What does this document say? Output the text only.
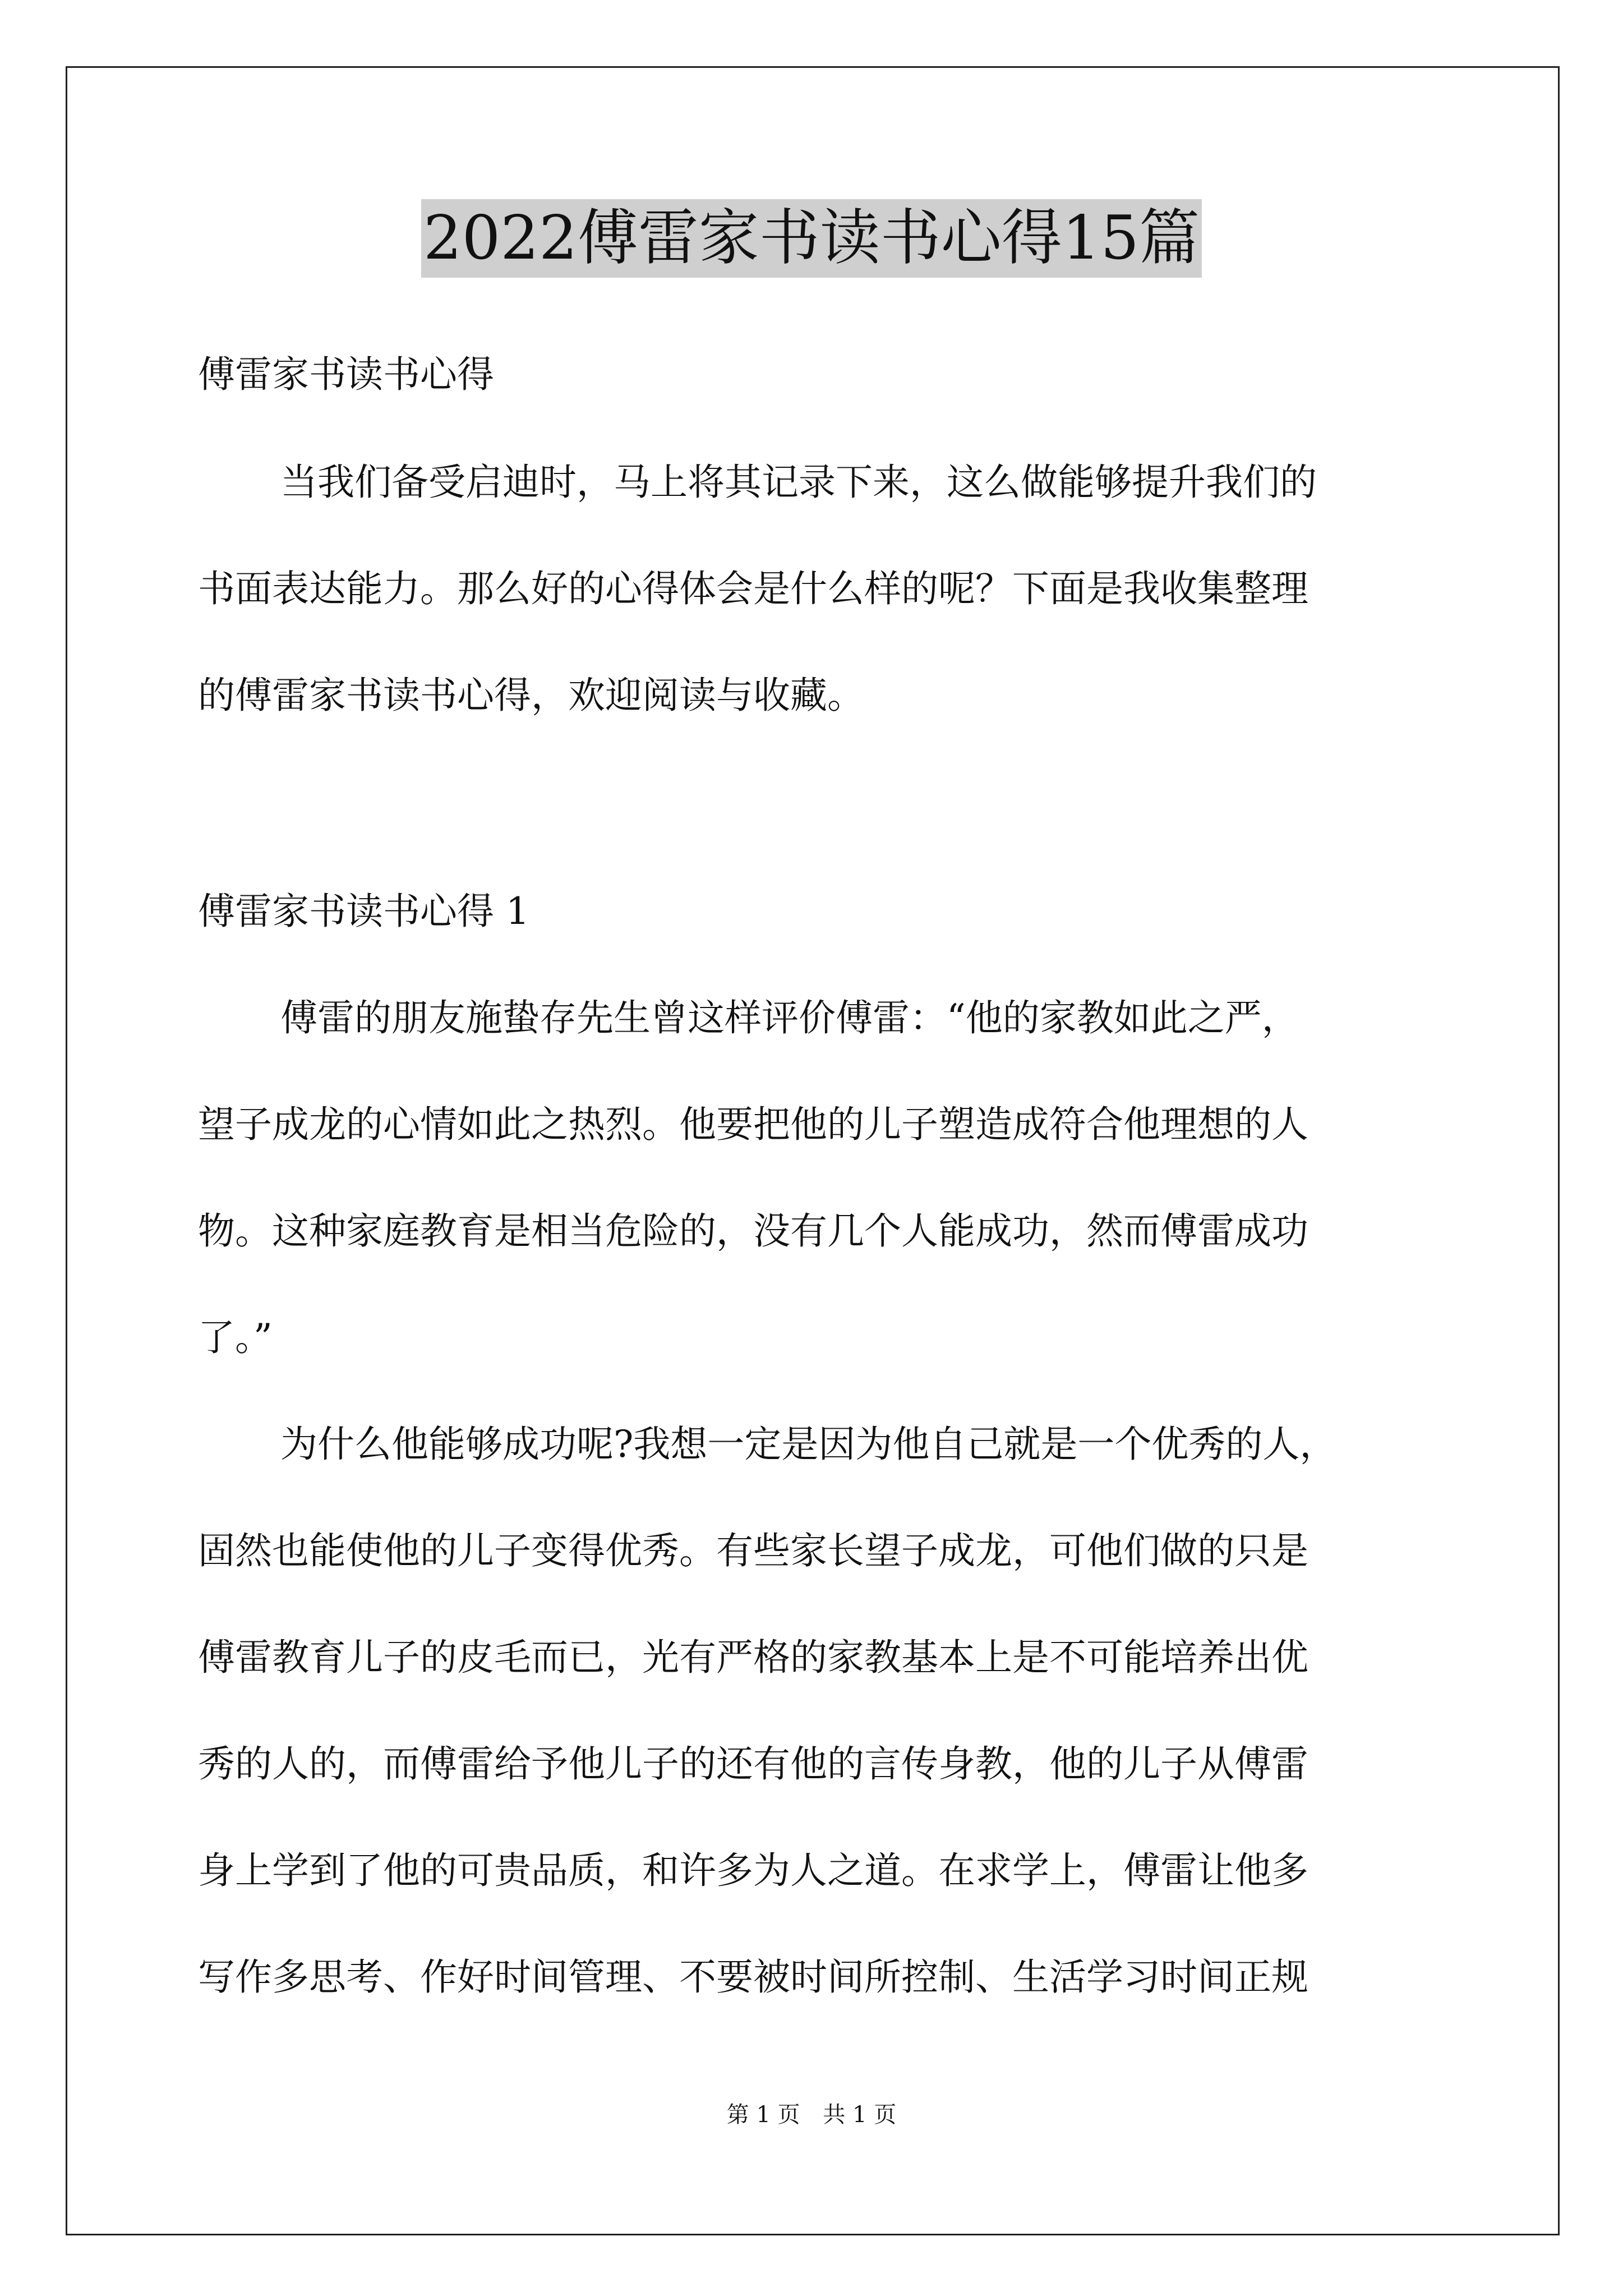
2022傅雷家书读书心得15篇
傅雷家书读书心得
当我们备受启迪时，马上将其记录下来，这么做能够提升我们的
书面表达能力。那么好的心得体会是什么样的呢？下面是我收集整理
的傅雷家书读书心得，欢迎阅读与收藏。
傅雷家书读书心得 1
傅雷的朋友施蛰存先生曾这样评价傅雷：“他的家教如此之严，
望子成龙的心情如此之热烈。他要把他的儿子塑造成符合他理想的人
物。这种家庭教育是相当危险的，没有几个人能成功，然而傅雷成功
了。”
为什么他能够成功呢?我想一定是因为他自己就是一个优秀的人，
固然也能使他的儿子变得优秀。有些家长望子成龙，可他们做的只是
傅雷教育儿子的皮毛而已，光有严格的家教基本上是不可能培养出优
秀的人的，而傅雷给予他儿子的还有他的言传身教，他的儿子从傅雷
身上学到了他的可贵品质，和许多为人之道。在求学上，傅雷让他多
写作多思考、作好时间管理、不要被时间所控制、生活学习时间正规
第 1 页 共 1 页
